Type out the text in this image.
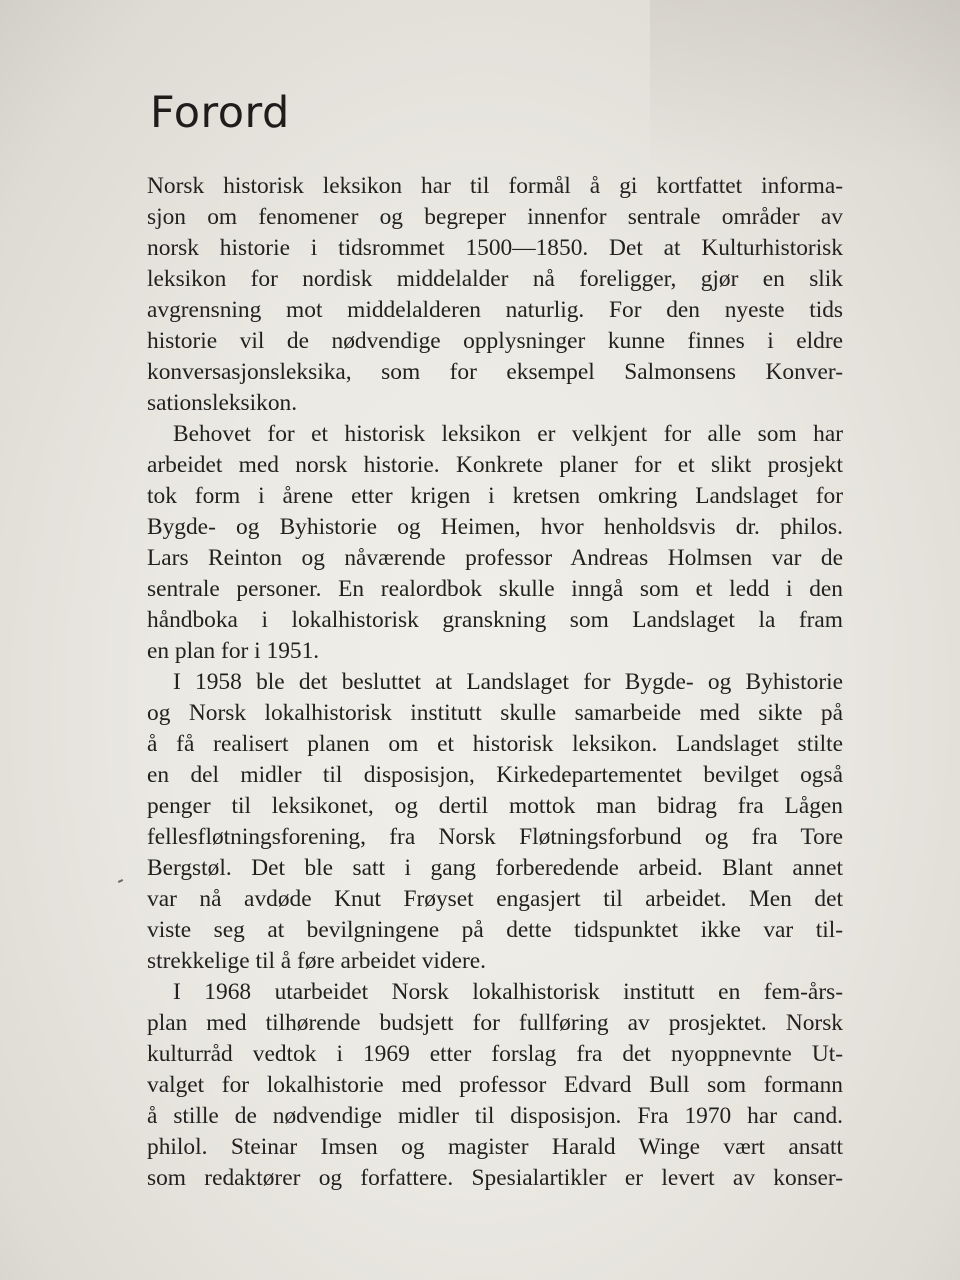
Forord
Norsk historisk leksikon har til formål å gi kortfattet informa-
sjon om fenomener og begreper innenfor sentrale områder av
norsk historie i tidsrommet 1500—1850. Det at Kulturhistorisk
leksikon for nordisk middelalder nå foreligger, gjør en slik
avgrensning mot middelalderen naturlig. For den nyeste tids
historie vil de nødvendige opplysninger kunne finnes i eldre
konversasjonsleksika, som for eksempel Salmonsens Konver-
sationsleksikon.
Behovet for et historisk leksikon er velkjent for alle som har
arbeidet med norsk historie. Konkrete planer for et slikt prosjekt
tok form i årene etter krigen i kretsen omkring Landslaget for
Bygde- og Byhistorie og Heimen, hvor henholdsvis dr. philos.
Lars Reinton og nåværende professor Andreas Holmsen var de
sentrale personer. En realordbok skulle inngå som et ledd i den
håndboka i lokalhistorisk granskning som Landslaget la fram
en plan for i 1951.
I 1958 ble det besluttet at Landslaget for Bygde- og Byhistorie
og Norsk lokalhistorisk institutt skulle samarbeide med sikte på
å få realisert planen om et historisk leksikon. Landslaget stilte
en del midler til disposisjon, Kirkedepartementet bevilget også
penger til leksikonet, og dertil mottok man bidrag fra Lågen
fellesfløtningsforening, fra Norsk Fløtningsforbund og fra Tore
Bergstøl. Det ble satt i gang forberedende arbeid. Blant annet
var nå avdøde Knut Frøyset engasjert til arbeidet. Men det
viste seg at bevilgningene på dette tidspunktet ikke var til-
strekkelige til å føre arbeidet videre.
I 1968 utarbeidet Norsk lokalhistorisk institutt en fem-års-
plan med tilhørende budsjett for fullføring av prosjektet. Norsk
kulturråd vedtok i 1969 etter forslag fra det nyoppnevnte Ut-
valget for lokalhistorie med professor Edvard Bull som formann
å stille de nødvendige midler til disposisjon. Fra 1970 har cand.
philol. Steinar Imsen og magister Harald Winge vært ansatt
som redaktører og forfattere. Spesialartikler er levert av konser-
